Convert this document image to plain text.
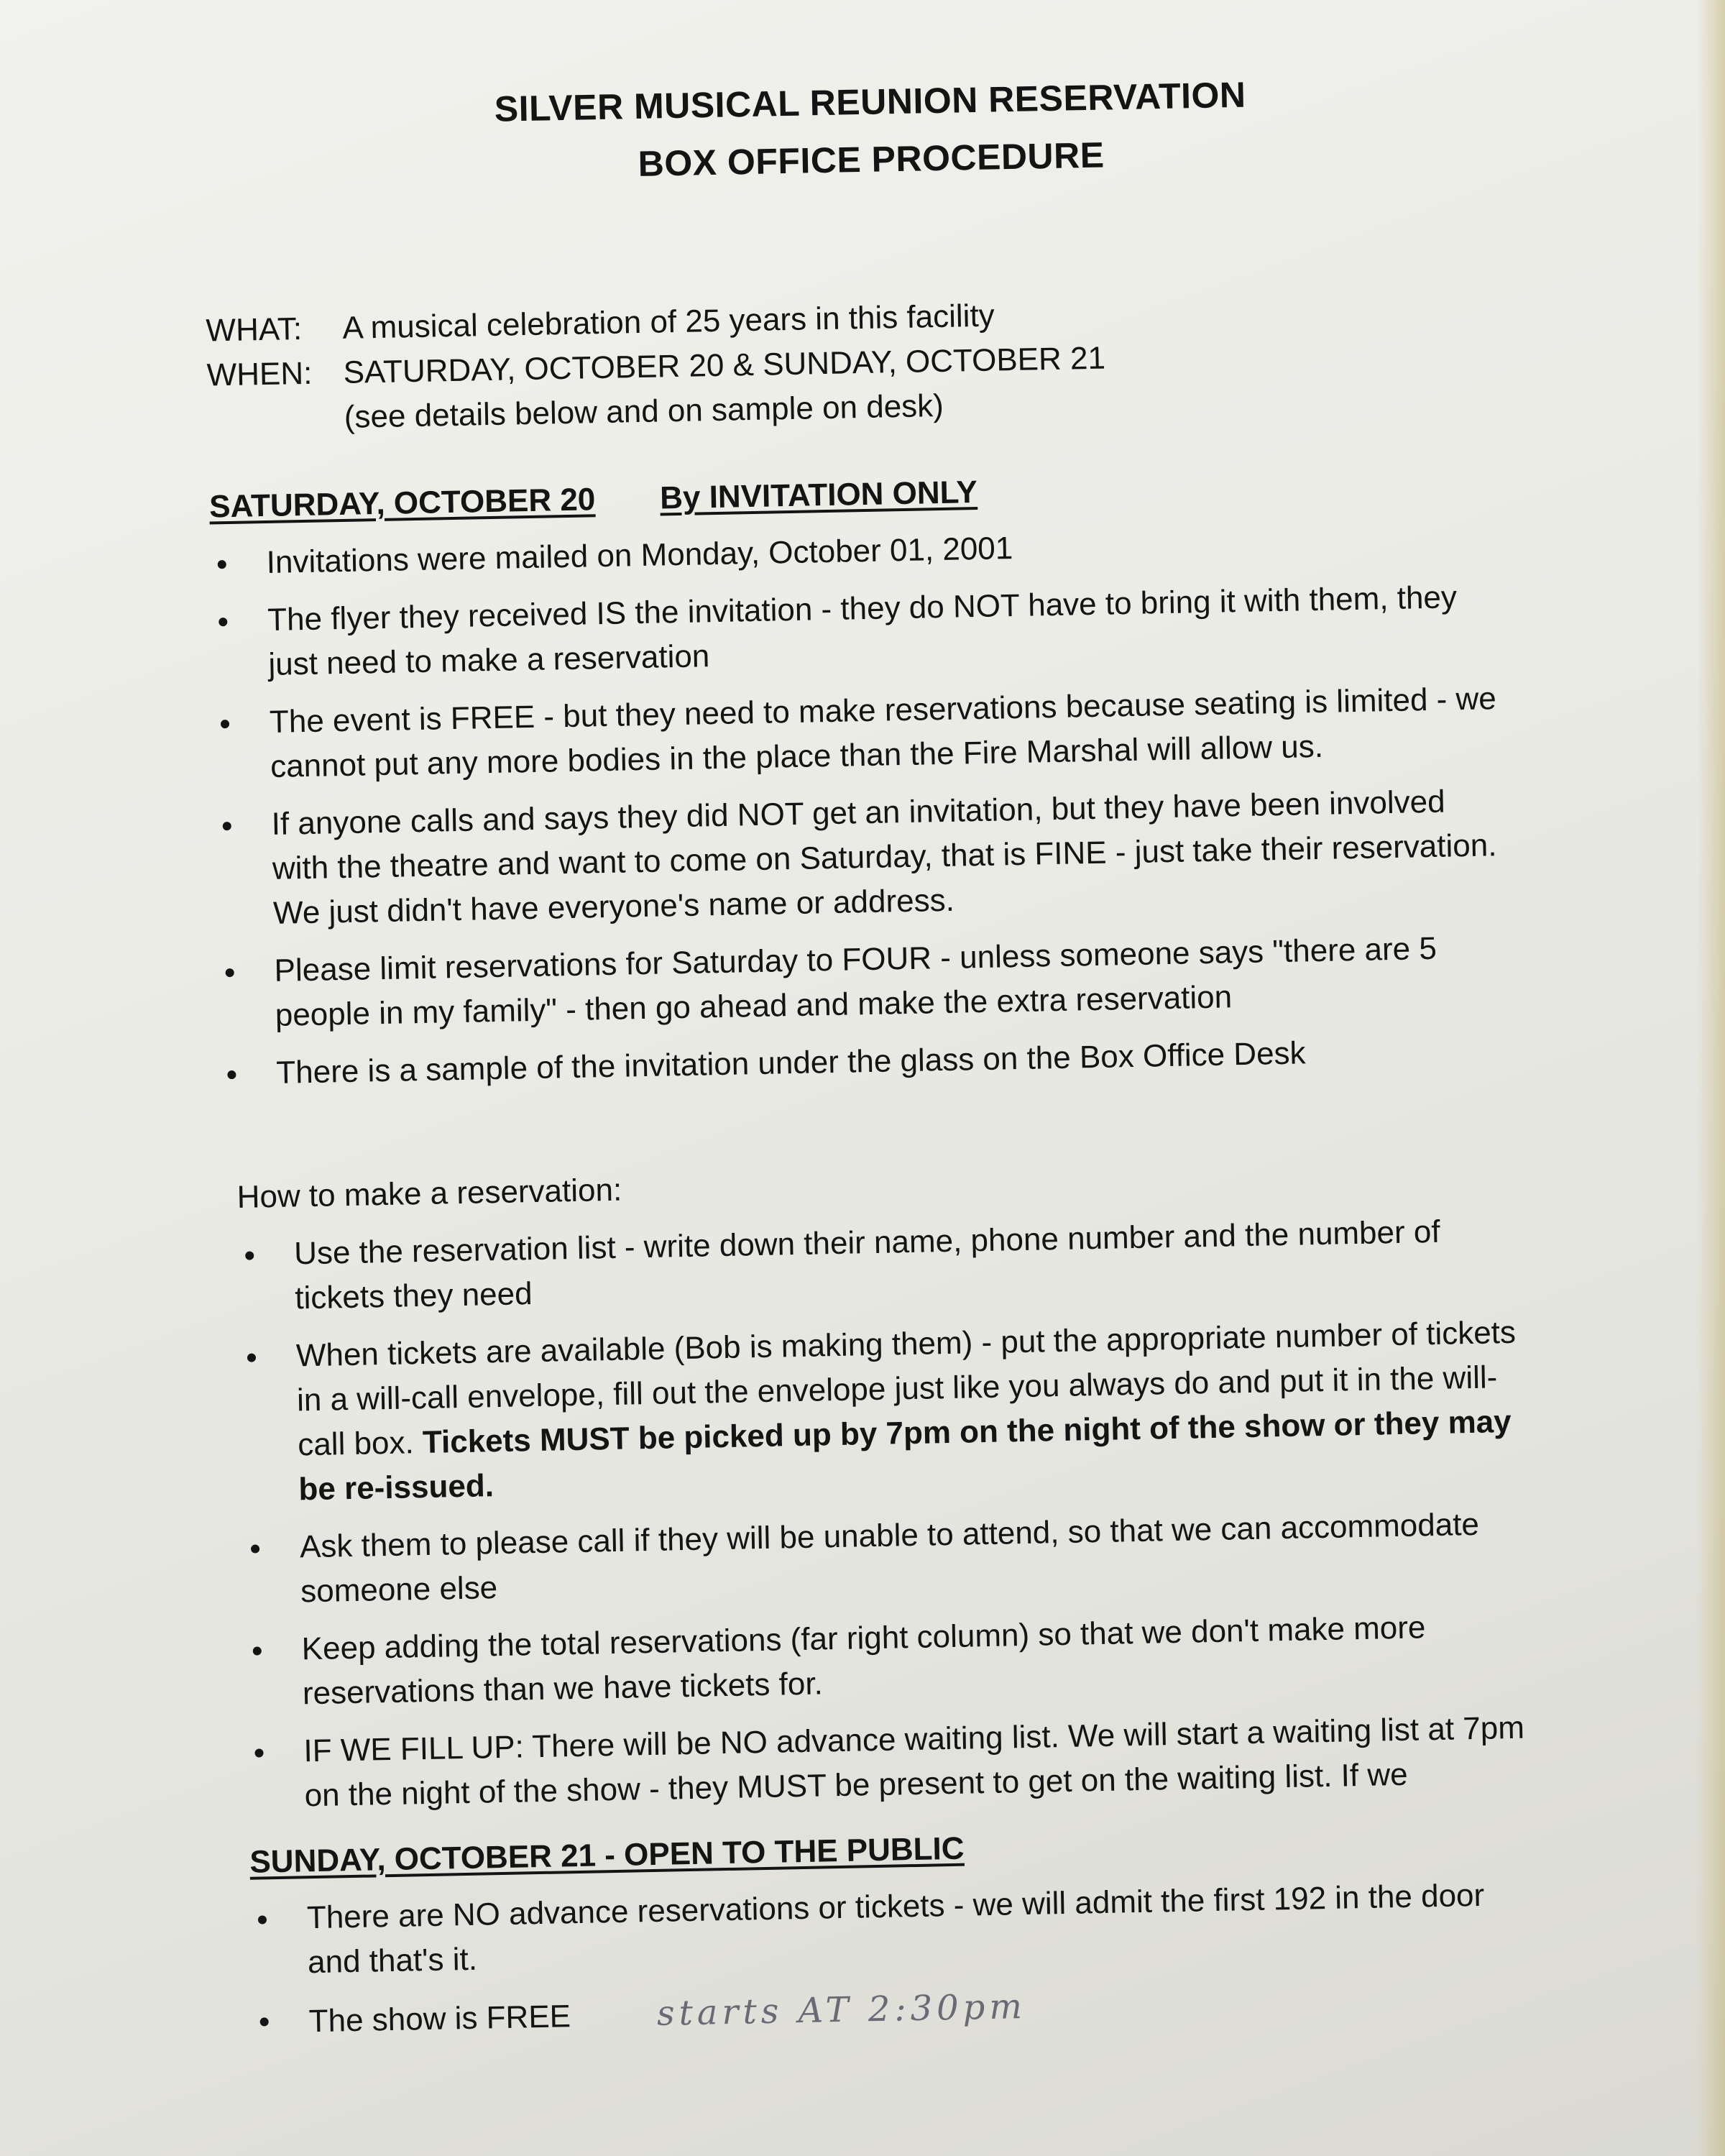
SILVER MUSICAL REUNION RESERVATION
BOX OFFICE PROCEDURE
WHAT:	A musical celebration of 25 years in this facility
WHEN: SATURDAY, OCTOBER 20 & SUNDAY, OCTOBER 21
(see details below and on sample on desk)
SATURDAY, OCTOBER 20 By INVITATION ONLY
Invitations were mailed on Monday, October 01, 2001
The flyer they received IS the invitation - they do NOT have to bring it with them, they just need to make a reservation
The event is FREE - but they need to make reservations because seating is limited - we cannot put any more bodies in the place than the Fire Marshal will allow us.
If anyone calls and says they did NOT get an invitation, but they have been involved with the theatre and want to come on Saturday, that is FINE - just take their reservation. We just didn't have everyone's name or address.
Please limit reservations for Saturday to FOUR - unless someone says "there are 5 people in my family" - then go ahead and make the extra reservation
There is a sample of the invitation under the glass on the Box Office Desk
How to make a reservation:
Use the reservation list - write down their name, phone number and the number of tickets they need
When tickets are available (Bob is making them) - put the appropriate number of tickets in a will-call envelope, fill out the envelope just like you always do and put it in the will-call box. Tickets MUST be picked up by 7pm on the night of the show or they may be re-issued.
Ask them to please call if they will be unable to attend, so that we can accommodate someone else
Keep adding the total reservations (far right column) so that we don't make more reservations than we have tickets for.
IF WE FILL UP: There will be NO advance waiting list. We will start a waiting list at 7pm on the night of the show - they MUST be present to get on the waiting list. If we
SUNDAY, OCTOBER 21 - OPEN TO THE PUBLIC
There are NO advance reservations or tickets - we will admit the first 192 in the door and that's it.
The show is FREE starts AT 2:30pm
